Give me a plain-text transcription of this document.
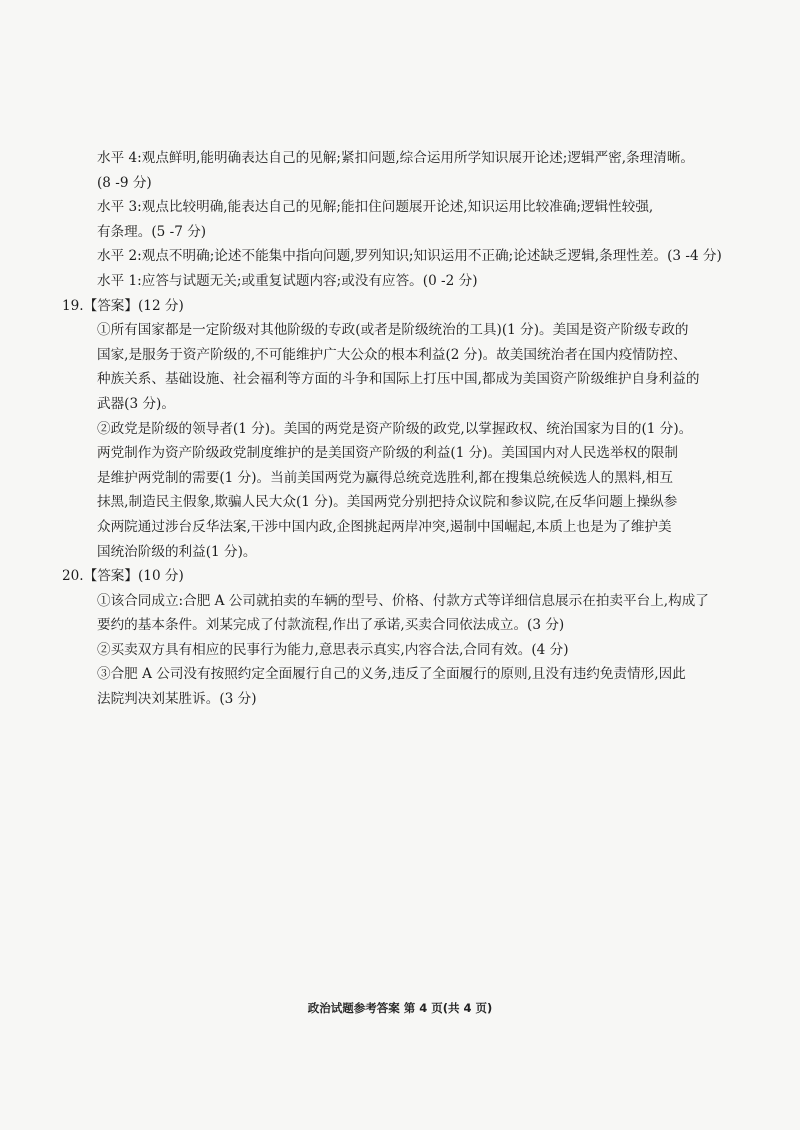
水平 4:观点鲜明,能明确表达自己的见解;紧扣问题,综合运用所学知识展开论述;逻辑严密,条理清晰。
(8 -9 分)
水平 3:观点比较明确,能表达自己的见解;能扣住问题展开论述,知识运用比较准确;逻辑性较强,
有条理。(5 -7 分)
水平 2:观点不明确;论述不能集中指向问题,罗列知识;知识运用不正确;论述缺乏逻辑,条理性差。(3 -4 分)
水平 1:应答与试题无关;或重复试题内容;或没有应答。(0 -2 分)
19.【答案】(12 分)
①所有国家都是一定阶级对其他阶级的专政(或者是阶级统治的工具)(1 分)。美国是资产阶级专政的
国家,是服务于资产阶级的,不可能维护广大公众的根本利益(2 分)。故美国统治者在国内疫情防控、
种族关系、基础设施、社会福利等方面的斗争和国际上打压中国,都成为美国资产阶级维护自身利益的
武器(3 分)。
②政党是阶级的领导者(1 分)。美国的两党是资产阶级的政党,以掌握政权、统治国家为目的(1 分)。
两党制作为资产阶级政党制度维护的是美国资产阶级的利益(1 分)。美国国内对人民选举权的限制
是维护两党制的需要(1 分)。当前美国两党为赢得总统竞选胜利,都在搜集总统候选人的黑料,相互
抹黑,制造民主假象,欺骗人民大众(1 分)。美国两党分别把持众议院和参议院,在反华问题上操纵参
众两院通过涉台反华法案,干涉中国内政,企图挑起两岸冲突,遏制中国崛起,本质上也是为了维护美
国统治阶级的利益(1 分)。
20.【答案】(10 分)
①该合同成立:合肥 A 公司就拍卖的车辆的型号、价格、付款方式等详细信息展示在拍卖平台上,构成了
要约的基本条件。刘某完成了付款流程,作出了承诺,买卖合同依法成立。(3 分)
②买卖双方具有相应的民事行为能力,意思表示真实,内容合法,合同有效。(4 分)
③合肥 A 公司没有按照约定全面履行自己的义务,违反了全面履行的原则,且没有违约免责情形,因此
法院判决刘某胜诉。(3 分)
政治试题参考答案 第 4 页(共 4 页)
